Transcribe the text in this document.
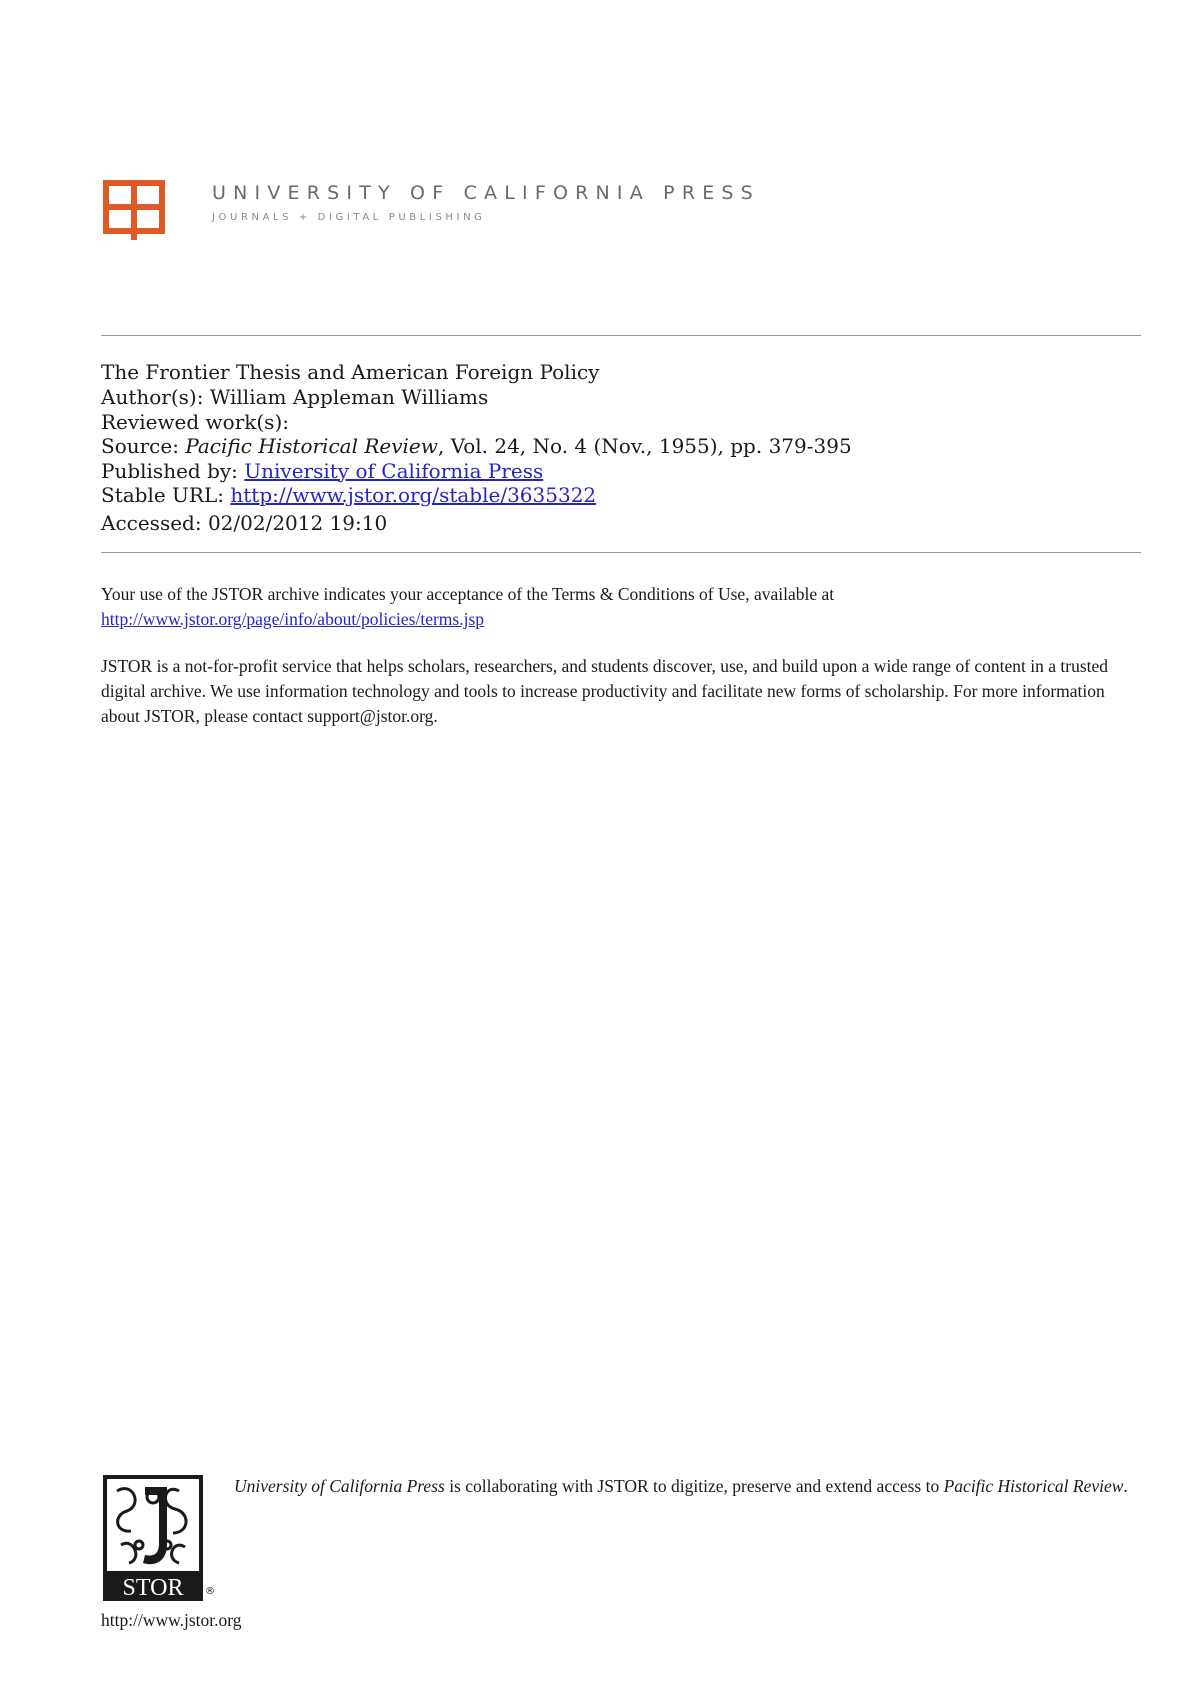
UNIVERSITY OF CALIFORNIA PRESS
JOURNALS + DIGITAL PUBLISHING
The Frontier Thesis and American Foreign Policy
Author(s): William Appleman Williams
Reviewed work(s):
Source: Pacific Historical Review, Vol. 24, No. 4 (Nov., 1955), pp. 379-395
Published by: University of California Press
Stable URL: http://www.jstor.org/stable/3635322
Accessed: 02/02/2012 19:10
Your use of the JSTOR archive indicates your acceptance of the Terms & Conditions of Use, available at
http://www.jstor.org/page/info/about/policies/terms.jsp
JSTOR is a not-for-profit service that helps scholars, researchers, and students discover, use, and build upon a wide range of content in a trusted digital archive. We use information technology and tools to increase productivity and facilitate new forms of scholarship. For more information about JSTOR, please contact support@jstor.org.
STOR ®
http://www.jstor.org
University of California Press is collaborating with JSTOR to digitize, preserve and extend access to Pacific Historical Review.
